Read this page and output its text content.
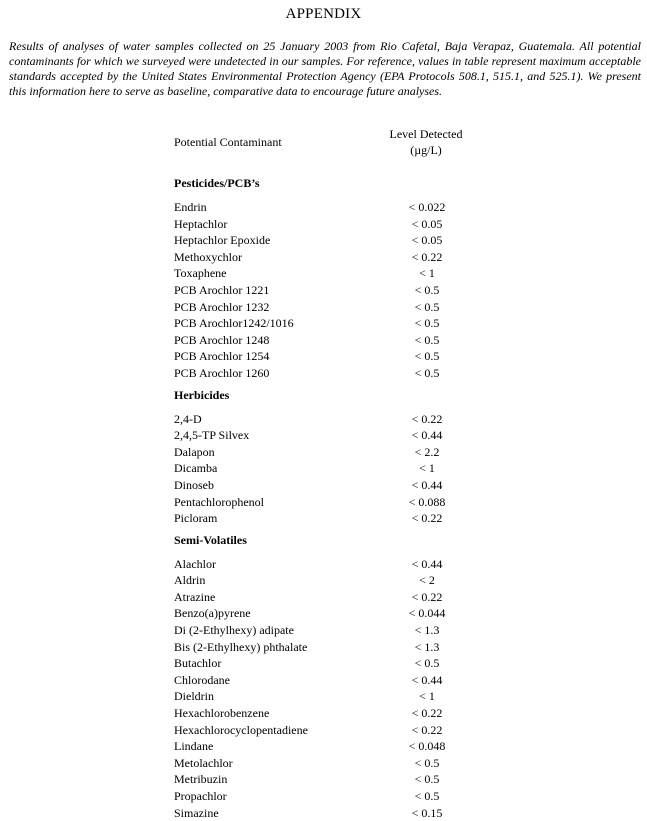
APPENDIX

Results of analyses of water samples collected on 25 January 2003 from Rio Cafetal, Baja Verapaz, Guatemala. All potential contaminants for which we surveyed were undetected in our samples. For reference, values in table represent maximum acceptable standards accepted by the United States Environmental Protection Agency (EPA Protocols 508.1, 515.1, and 525.1). We present this information here to serve as baseline, comparative data to encourage future analyses.

Potential Contaminant
Level Detected
(µg/L)
Pesticides/PCB’s
Endrin	< 0.022
Heptachlor	< 0.05
Heptachlor Epoxide	< 0.05
Methoxychlor	< 0.22
Toxaphene	< 1
PCB Arochlor 1221	< 0.5
PCB Arochlor 1232	< 0.5
PCB Arochlor1242/1016	< 0.5
PCB Arochlor 1248	< 0.5
PCB Arochlor 1254	< 0.5
PCB Arochlor 1260	< 0.5
Herbicides
2,4-D	< 0.22
2,4,5-TP Silvex	< 0.44
Dalapon	< 2.2
Dicamba	< 1
Dinoseb	< 0.44
Pentachlorophenol	< 0.088
Picloram	< 0.22
Semi-Volatiles
Alachlor	< 0.44
Aldrin	< 2
Atrazine	< 0.22
Benzo(a)pyrene	< 0.044
Di (2-Ethylhexy) adipate	< 1.3
Bis (2-Ethylhexy) phthalate	< 1.3
Butachlor	< 0.5
Chlorodane	< 0.44
Dieldrin	< 1
Hexachlorobenzene	< 0.22
Hexachlorocyclopentadiene	< 0.22
Lindane	< 0.048
Metolachlor	< 0.5
Metribuzin	< 0.5
Propachlor	< 0.5
Simazine	< 0.15
